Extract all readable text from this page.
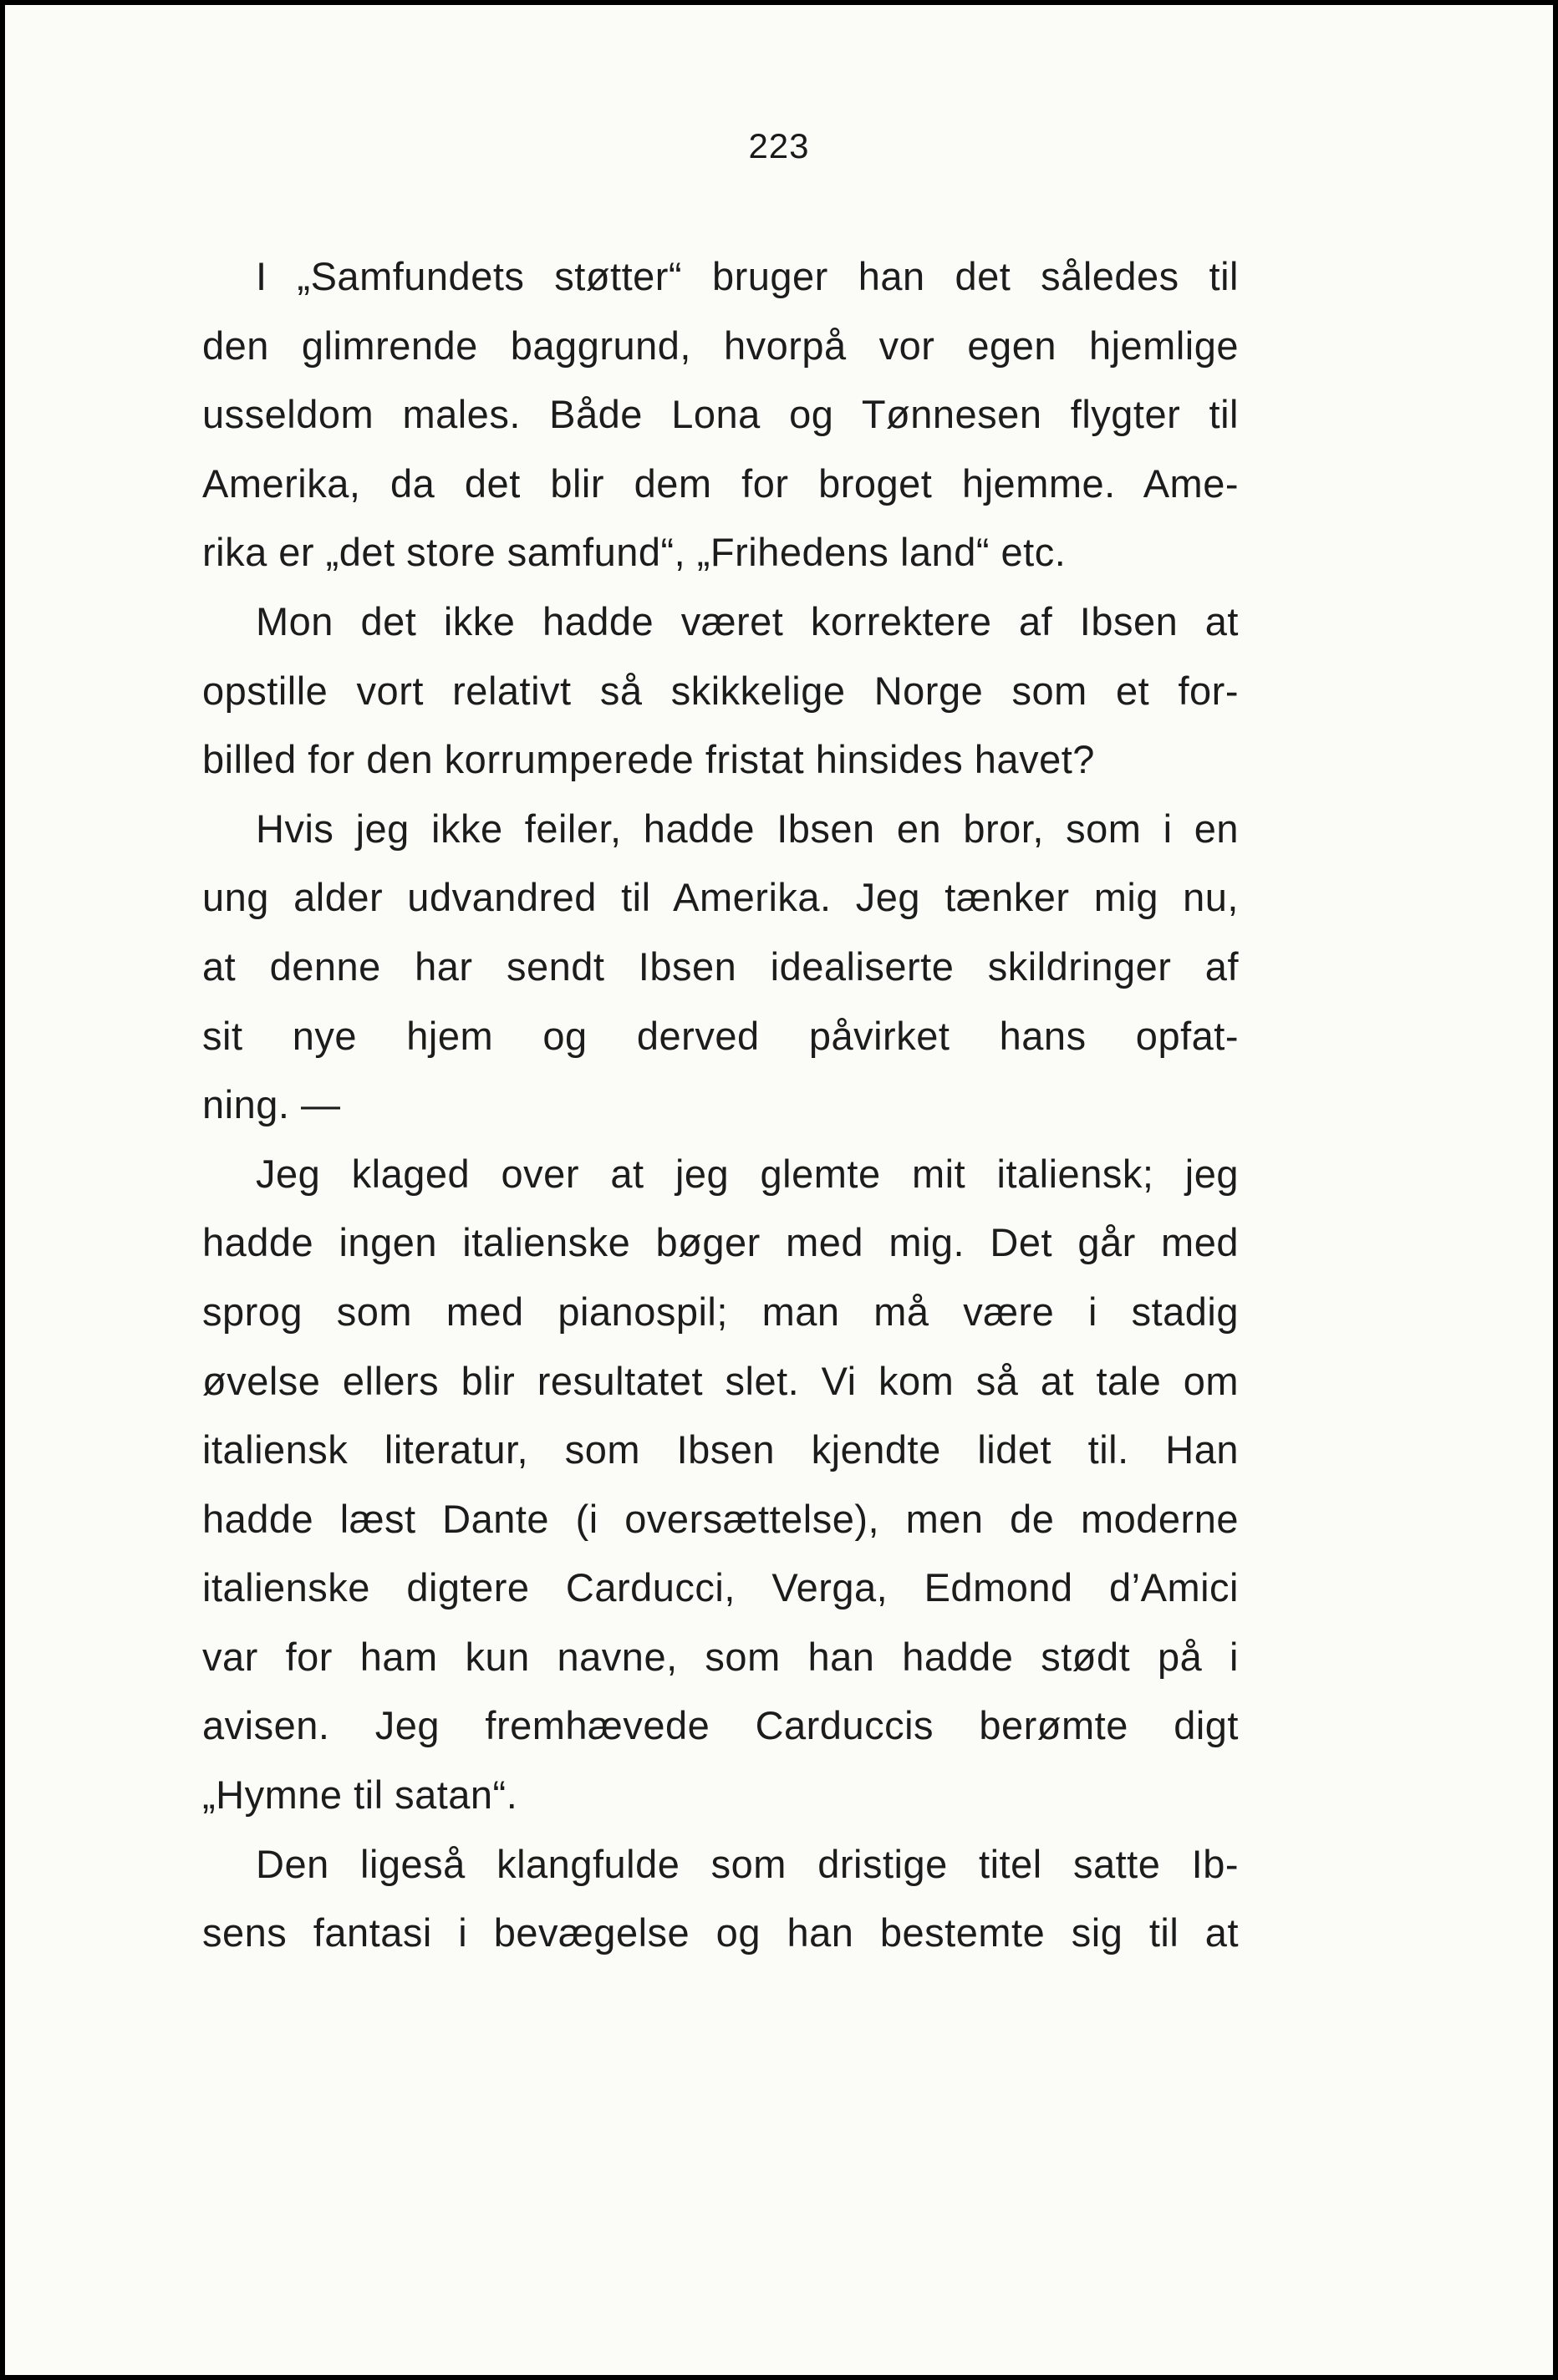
223
I „Samfundets støtter“ bruger han det således til
den glimrende baggrund, hvorpå vor egen hjemlige
usseldom males. Både Lona og Tønnesen flygter til
Amerika, da det blir dem for broget hjemme. Ame-
rika er „det store samfund“, „Frihedens land“ etc.
Mon det ikke hadde været korrektere af Ibsen at
opstille vort relativt så skikkelige Norge som et for-
billed for den korrumperede fristat hinsides havet?
Hvis jeg ikke feiler, hadde Ibsen en bror, som i en
ung alder udvandred til Amerika. Jeg tænker mig nu,
at denne har sendt Ibsen idealiserte skildringer af
sit nye hjem og derved påvirket hans opfat-
ning. —
Jeg klaged over at jeg glemte mit italiensk; jeg
hadde ingen italienske bøger med mig. Det går med
sprog som med pianospil; man må være i stadig
øvelse ellers blir resultatet slet. Vi kom så at tale om
italiensk literatur, som Ibsen kjendte lidet til. Han
hadde læst Dante (i oversættelse), men de moderne
italienske digtere Carducci, Verga, Edmond d’Amici
var for ham kun navne, som han hadde stødt på i
avisen. Jeg fremhævede Carduccis berømte digt
„Hymne til satan“.
Den ligeså klangfulde som dristige titel satte Ib-
sens fantasi i bevægelse og han bestemte sig til at
